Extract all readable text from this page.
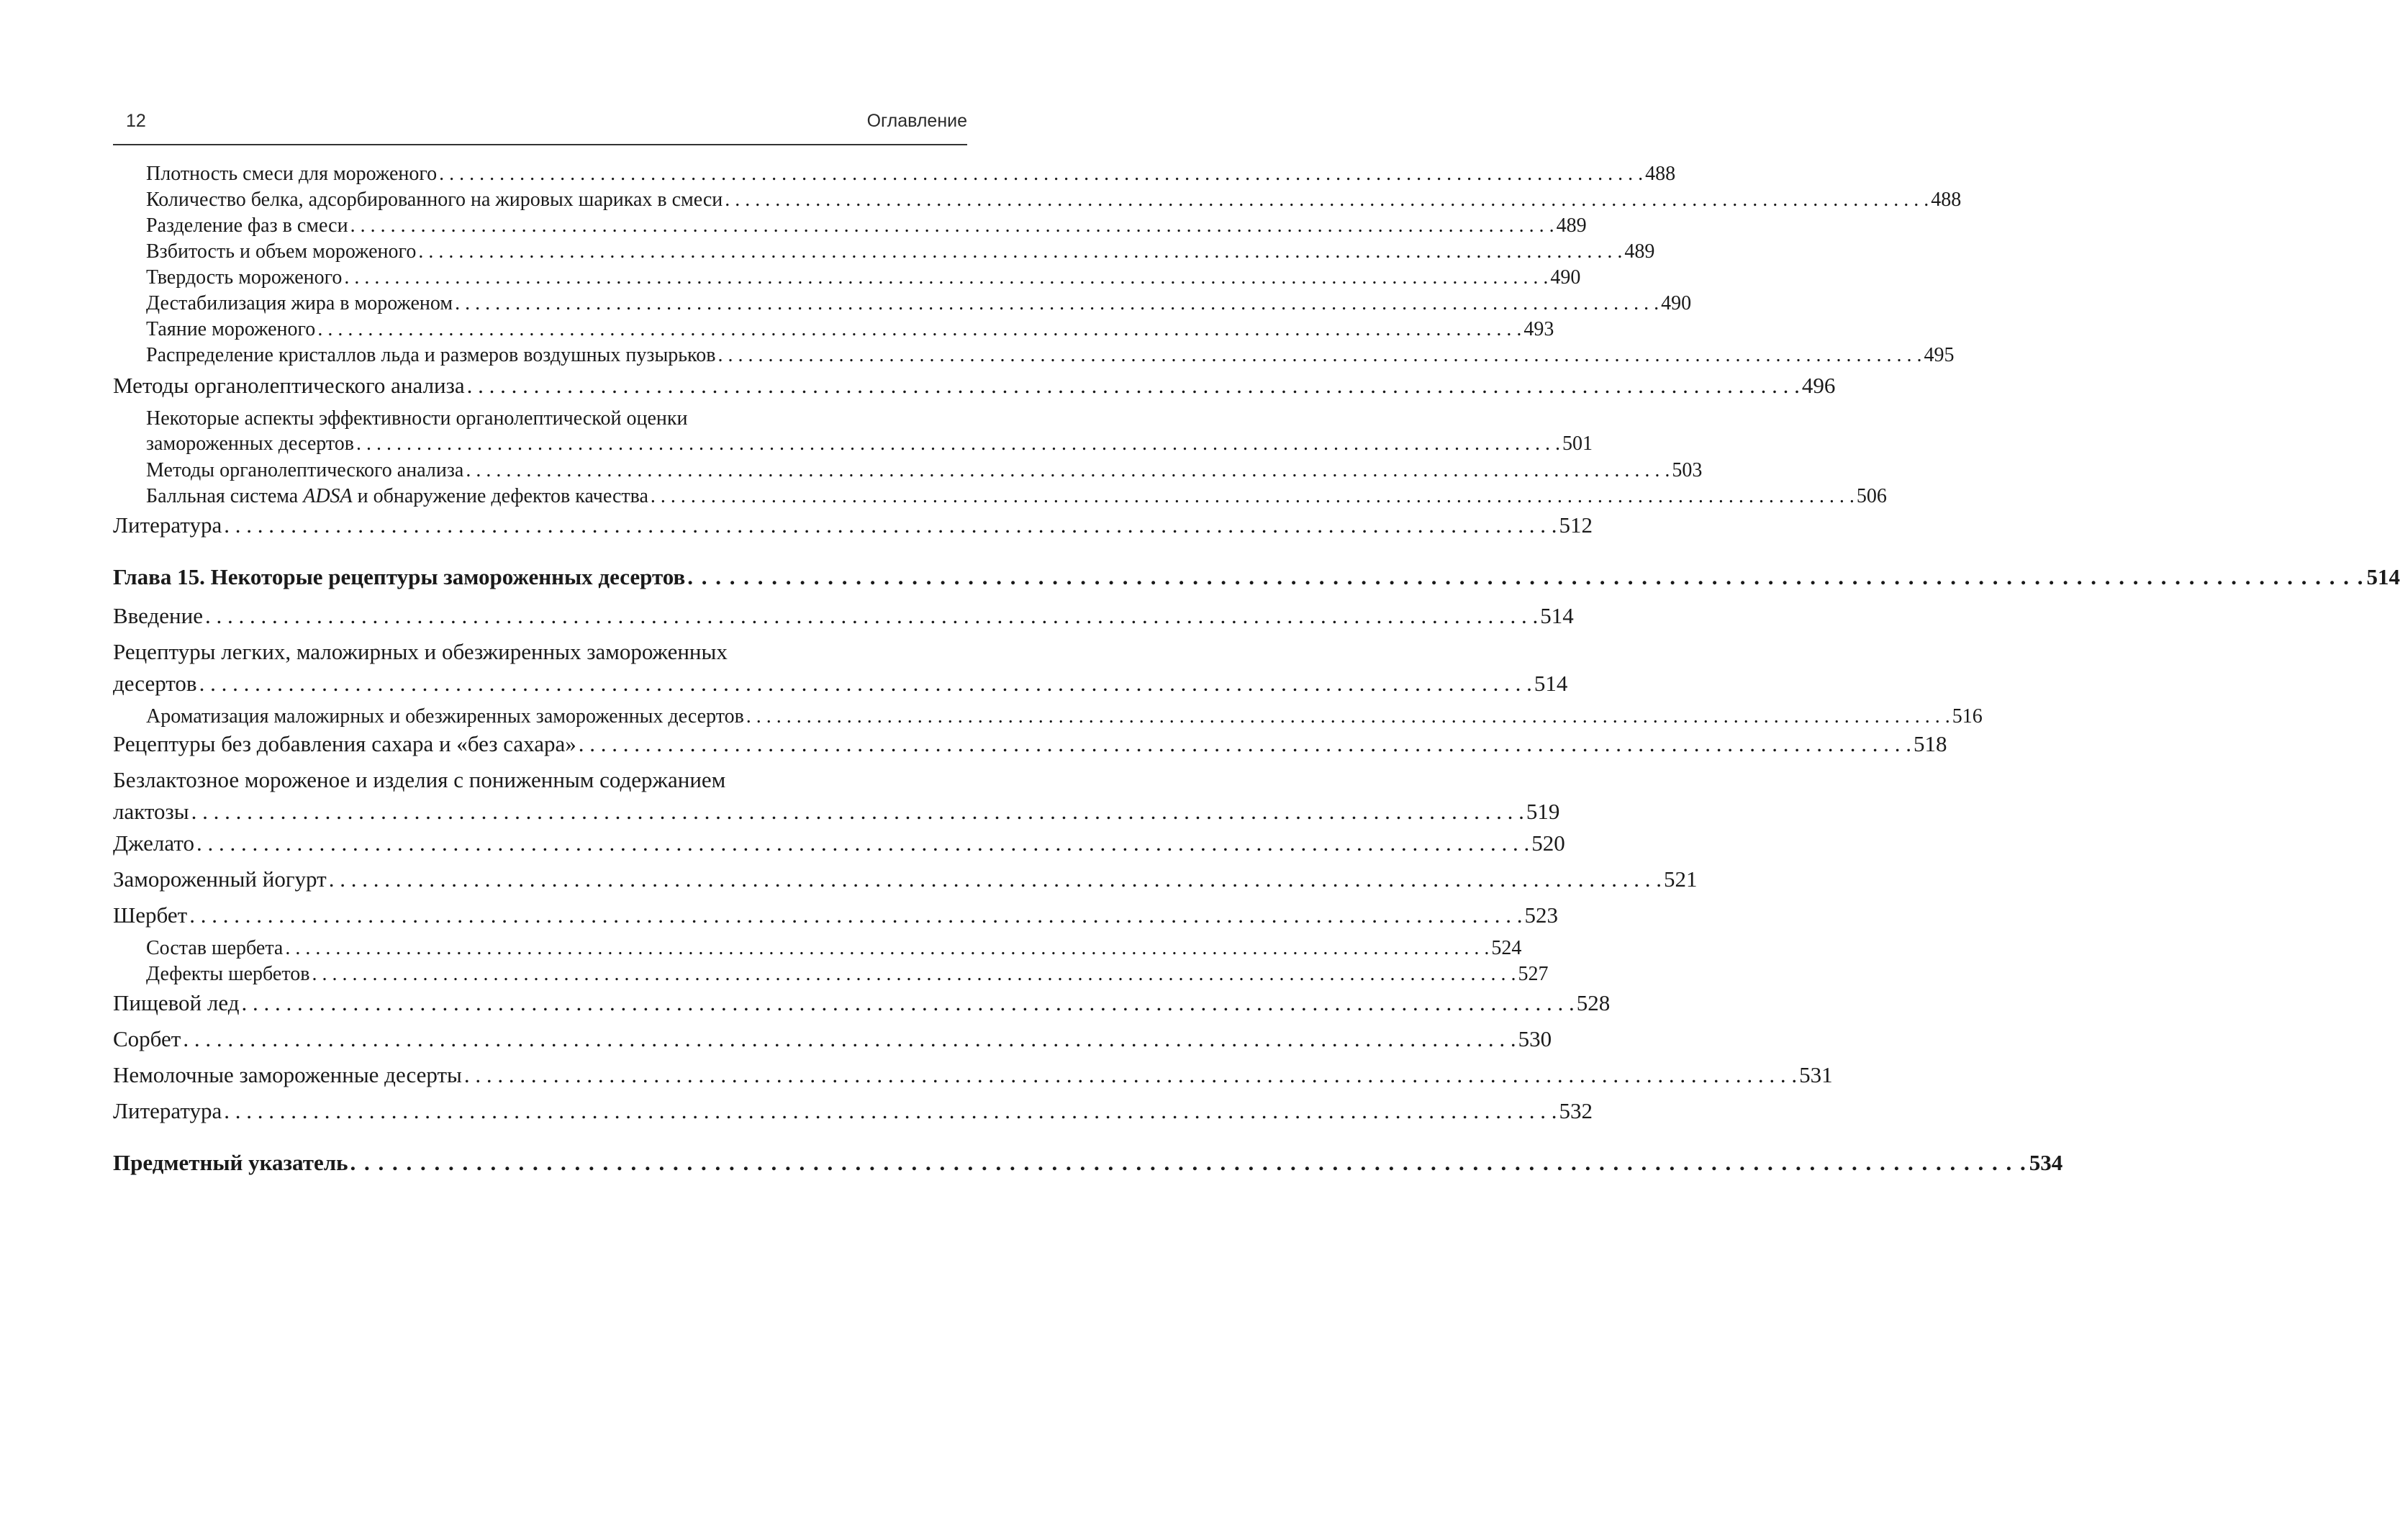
12	Оглавление
Плотность смеси для мороженого . . . . . . . . . . . . . . . . . . . . . . . . . . . . . . . . . . . . . . . . . . . . . . . . . . . . . . . . . . . . . . . . . . . . . . . . . . . . . . . . . . . . . . . . . . . . . . . . . . . . . . . . . . . . . . . . . . . . . . . . 488
Количество белка, адсорбированного на жировых шариках в смеси . . . . . . . . . . . . . . . . . . . . . . . . . . . . . . . . . . . . . . . . . . . . . . . . . . . . . . . . . . . . . . . . . . . . . . . . . . . . . . . . . . . . . . . . . . . . . . . . . . . . . . . . . . . . . . . . . . . . . . . . 488
Разделение фаз в смеси . . . . . . . . . . . . . . . . . . . . . . . . . . . . . . . . . . . . . . . . . . . . . . . . . . . . . . . . . . . . . . . . . . . . . . . . . . . . . . . . . . . . . . . . . . . . . . . . . . . . . . . . . . . . . . . . . . . . . . . . 489
Взбитость и объем мороженого . . . . . . . . . . . . . . . . . . . . . . . . . . . . . . . . . . . . . . . . . . . . . . . . . . . . . . . . . . . . . . . . . . . . . . . . . . . . . . . . . . . . . . . . . . . . . . . . . . . . . . . . . . . . . . . . . . . . . . . . 489
Твердость мороженого . . . . . . . . . . . . . . . . . . . . . . . . . . . . . . . . . . . . . . . . . . . . . . . . . . . . . . . . . . . . . . . . . . . . . . . . . . . . . . . . . . . . . . . . . . . . . . . . . . . . . . . . . . . . . . . . . . . . . . . . 490
Дестабилизация жира в мороженом . . . . . . . . . . . . . . . . . . . . . . . . . . . . . . . . . . . . . . . . . . . . . . . . . . . . . . . . . . . . . . . . . . . . . . . . . . . . . . . . . . . . . . . . . . . . . . . . . . . . . . . . . . . . . . . . . . . . . . . . 490
Таяние мороженого . . . . . . . . . . . . . . . . . . . . . . . . . . . . . . . . . . . . . . . . . . . . . . . . . . . . . . . . . . . . . . . . . . . . . . . . . . . . . . . . . . . . . . . . . . . . . . . . . . . . . . . . . . . . . . . . . . . . . . . . 493
Распределение кристаллов льда и размеров воздушных пузырьков . . . . . . . . . . . . . . . . . . . . . . . . . . . . . . . . . . . . . . . . . . . . . . . . . . . . . . . . . . . . . . . . . . . . . . . . . . . . . . . . . . . . . . . . . . . . . . . . . . . . . . . . . . . . . . . . . . . . . . . . 495
Методы органолептического анализа . . . . . . . . . . . . . . . . . . . . . . . . . . . . . . . . . . . . . . . . . . . . . . . . . . . . . . . . . . . . . . . . . . . . . . . . . . . . . . . . . . . . . . . . . . . . . . . . . . . . . . . . . . . . . . . . . . . . . . . . 496
Некоторые аспекты эффективности органолептической оценки
замороженных десертов . . . . . . . . . . . . . . . . . . . . . . . . . . . . . . . . . . . . . . . . . . . . . . . . . . . . . . . . . . . . . . . . . . . . . . . . . . . . . . . . . . . . . . . . . . . . . . . . . . . . . . . . . . . . . . . . . . . . . . . . 501
Методы органолептического анализа . . . . . . . . . . . . . . . . . . . . . . . . . . . . . . . . . . . . . . . . . . . . . . . . . . . . . . . . . . . . . . . . . . . . . . . . . . . . . . . . . . . . . . . . . . . . . . . . . . . . . . . . . . . . . . . . . . . . . . . . 503
Балльная система ADSA и обнаружение дефектов качества . . . . . . . . . . . . . . . . . . . . . . . . . . . . . . . . . . . . . . . . . . . . . . . . . . . . . . . . . . . . . . . . . . . . . . . . . . . . . . . . . . . . . . . . . . . . . . . . . . . . . . . . . . . . . . . . . . . . . . . . 506
Литература . . . . . . . . . . . . . . . . . . . . . . . . . . . . . . . . . . . . . . . . . . . . . . . . . . . . . . . . . . . . . . . . . . . . . . . . . . . . . . . . . . . . . . . . . . . . . . . . . . . . . . . . . . . . . . . . . . . . . . . . 512
Глава 15. Некоторые рецептуры замороженных десертов . . . . . . . . . . . . . . . . . . . . . . . . . . . . . . . . . . . . . . . . . . . . . . . . . . . . . . . . . . . . . . . . . . . . . . . . . . . . . . . . . . . . . . . . . . . . . . . . . . . . . . . . . . . . . . . . . . . . . . . . 514
Введение . . . . . . . . . . . . . . . . . . . . . . . . . . . . . . . . . . . . . . . . . . . . . . . . . . . . . . . . . . . . . . . . . . . . . . . . . . . . . . . . . . . . . . . . . . . . . . . . . . . . . . . . . . . . . . . . . . . . . . . . 514
Рецептуры легких, маложирных и обезжиренных замороженных
десертов . . . . . . . . . . . . . . . . . . . . . . . . . . . . . . . . . . . . . . . . . . . . . . . . . . . . . . . . . . . . . . . . . . . . . . . . . . . . . . . . . . . . . . . . . . . . . . . . . . . . . . . . . . . . . . . . . . . . . . . . 514
Ароматизация маложирных и обезжиренных замороженных десертов . . . . . . . . . . . . . . . . . . . . . . . . . . . . . . . . . . . . . . . . . . . . . . . . . . . . . . . . . . . . . . . . . . . . . . . . . . . . . . . . . . . . . . . . . . . . . . . . . . . . . . . . . . . . . . . . . . . . . . . . 516
Рецептуры без добавления сахара и «без сахара» . . . . . . . . . . . . . . . . . . . . . . . . . . . . . . . . . . . . . . . . . . . . . . . . . . . . . . . . . . . . . . . . . . . . . . . . . . . . . . . . . . . . . . . . . . . . . . . . . . . . . . . . . . . . . . . . . . . . . . . . 518
Безлактозное мороженое и изделия с пониженным содержанием
лактозы . . . . . . . . . . . . . . . . . . . . . . . . . . . . . . . . . . . . . . . . . . . . . . . . . . . . . . . . . . . . . . . . . . . . . . . . . . . . . . . . . . . . . . . . . . . . . . . . . . . . . . . . . . . . . . . . . . . . . . . . 519
Джелато . . . . . . . . . . . . . . . . . . . . . . . . . . . . . . . . . . . . . . . . . . . . . . . . . . . . . . . . . . . . . . . . . . . . . . . . . . . . . . . . . . . . . . . . . . . . . . . . . . . . . . . . . . . . . . . . . . . . . . . . 520
Замороженный йогурт . . . . . . . . . . . . . . . . . . . . . . . . . . . . . . . . . . . . . . . . . . . . . . . . . . . . . . . . . . . . . . . . . . . . . . . . . . . . . . . . . . . . . . . . . . . . . . . . . . . . . . . . . . . . . . . . . . . . . . . . 521
Шербет . . . . . . . . . . . . . . . . . . . . . . . . . . . . . . . . . . . . . . . . . . . . . . . . . . . . . . . . . . . . . . . . . . . . . . . . . . . . . . . . . . . . . . . . . . . . . . . . . . . . . . . . . . . . . . . . . . . . . . . . 523
Состав шербета . . . . . . . . . . . . . . . . . . . . . . . . . . . . . . . . . . . . . . . . . . . . . . . . . . . . . . . . . . . . . . . . . . . . . . . . . . . . . . . . . . . . . . . . . . . . . . . . . . . . . . . . . . . . . . . . . . . . . . . . 524
Дефекты шербетов . . . . . . . . . . . . . . . . . . . . . . . . . . . . . . . . . . . . . . . . . . . . . . . . . . . . . . . . . . . . . . . . . . . . . . . . . . . . . . . . . . . . . . . . . . . . . . . . . . . . . . . . . . . . . . . . . . . . . . . . 527
Пищевой лед . . . . . . . . . . . . . . . . . . . . . . . . . . . . . . . . . . . . . . . . . . . . . . . . . . . . . . . . . . . . . . . . . . . . . . . . . . . . . . . . . . . . . . . . . . . . . . . . . . . . . . . . . . . . . . . . . . . . . . . . 528
Сорбет . . . . . . . . . . . . . . . . . . . . . . . . . . . . . . . . . . . . . . . . . . . . . . . . . . . . . . . . . . . . . . . . . . . . . . . . . . . . . . . . . . . . . . . . . . . . . . . . . . . . . . . . . . . . . . . . . . . . . . . . 530
Немолочные замороженные десерты . . . . . . . . . . . . . . . . . . . . . . . . . . . . . . . . . . . . . . . . . . . . . . . . . . . . . . . . . . . . . . . . . . . . . . . . . . . . . . . . . . . . . . . . . . . . . . . . . . . . . . . . . . . . . . . . . . . . . . . . 531
Литература . . . . . . . . . . . . . . . . . . . . . . . . . . . . . . . . . . . . . . . . . . . . . . . . . . . . . . . . . . . . . . . . . . . . . . . . . . . . . . . . . . . . . . . . . . . . . . . . . . . . . . . . . . . . . . . . . . . . . . . . 532
Предметный указатель . . . . . . . . . . . . . . . . . . . . . . . . . . . . . . . . . . . . . . . . . . . . . . . . . . . . . . . . . . . . . . . . . . . . . . . . . . . . . . . . . . . . . . . . . . . . . . . . . . . . . . . . . . . . . . . . . . . . . . . . 534
